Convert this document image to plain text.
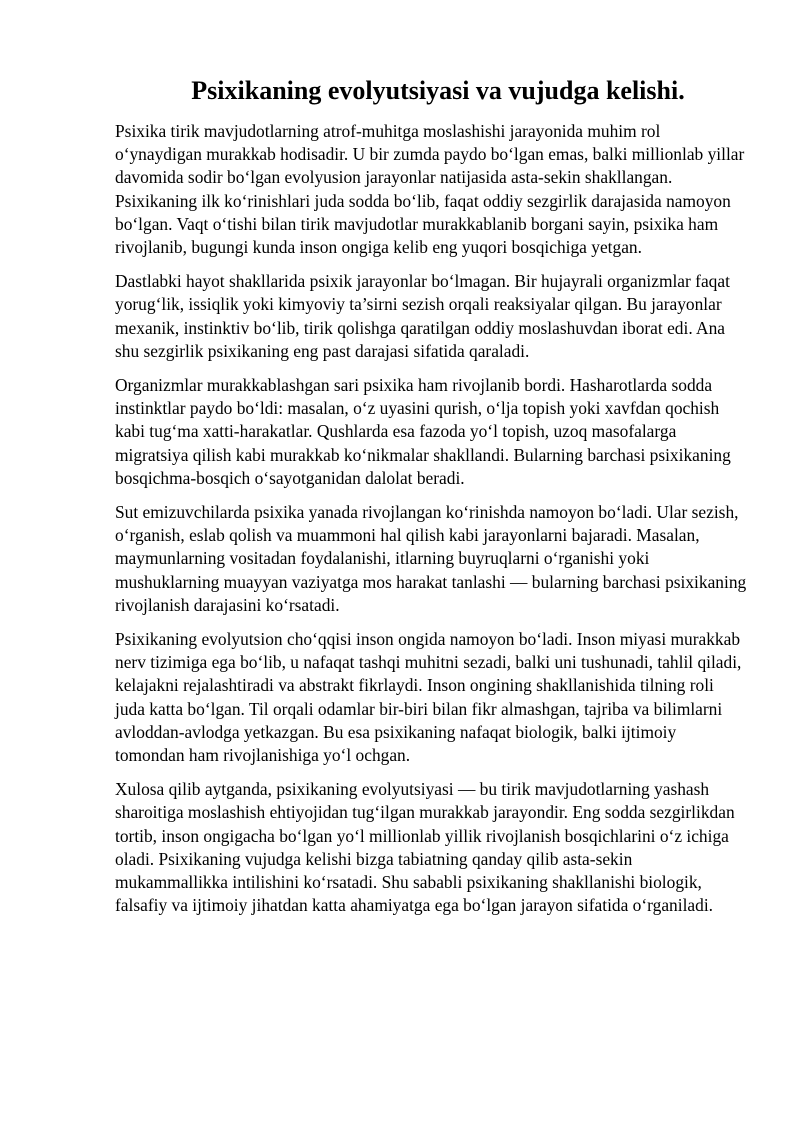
Psixikaning evolyutsiyasi va vujudga kelishi.

Psixika tirik mavjudotlarning atrof-muhitga moslashishi jarayonida muhim rol o‘ynaydigan murakkab hodisadir. U bir zumda paydo bo‘lgan emas, balki millionlab yillar davomida sodir bo‘lgan evolyusion jarayonlar natijasida asta-sekin shakllangan. Psixikaning ilk ko‘rinishlari juda sodda bo‘lib, faqat oddiy sezgirlik darajasida namoyon bo‘lgan. Vaqt o‘tishi bilan tirik mavjudotlar murakkablanib borgani sayin, psixika ham rivojlanib, bugungi kunda inson ongiga kelib eng yuqori bosqichiga yetgan.

Dastlabki hayot shakllarida psixik jarayonlar bo‘lmagan. Bir hujayrali organizmlar faqat yorug‘lik, issiqlik yoki kimyoviy ta’sirni sezish orqali reaksiyalar qilgan. Bu jarayonlar mexanik, instinktiv bo‘lib, tirik qolishga qaratilgan oddiy moslashuvdan iborat edi. Ana shu sezgirlik psixikaning eng past darajasi sifatida qaraladi.

Organizmlar murakkablashgan sari psixika ham rivojlanib bordi. Hasharotlarda sodda instinktlar paydo bo‘ldi: masalan, o‘z uyasini qurish, o‘lja topish yoki xavfdan qochish kabi tug‘ma xatti-harakatlar. Qushlarda esa fazoda yo‘l topish, uzoq masofalarga migratsiya qilish kabi murakkab ko‘nikmalar shakllandi. Bularning barchasi psixikaning bosqichma-bosqich o‘sayotganidan dalolat beradi.

Sut emizuvchilarda psixika yanada rivojlangan ko‘rinishda namoyon bo‘ladi. Ular sezish, o‘rganish, eslab qolish va muammoni hal qilish kabi jarayonlarni bajaradi. Masalan, maymunlarning vositadan foydalanishi, itlarning buyruqlarni o‘rganishi yoki mushuklarning muayyan vaziyatga mos harakat tanlashi — bularning barchasi psixikaning rivojlanish darajasini ko‘rsatadi.

Psixikaning evolyutsion cho‘qqisi inson ongida namoyon bo‘ladi. Inson miyasi murakkab nerv tizimiga ega bo‘lib, u nafaqat tashqi muhitni sezadi, balki uni tushunadi, tahlil qiladi, kelajakni rejalashtiradi va abstrakt fikrlaydi. Inson ongining shakllanishida tilning roli juda katta bo‘lgan. Til orqali odamlar bir-biri bilan fikr almashgan, tajriba va bilimlarni avloddan-avlodga yetkazgan. Bu esa psixikaning nafaqat biologik, balki ijtimoiy tomondan ham rivojlanishiga yo‘l ochgan.

Xulosa qilib aytganda, psixikaning evolyutsiyasi — bu tirik mavjudotlarning yashash sharoitiga moslashish ehtiyojidan tug‘ilgan murakkab jarayondir. Eng sodda sezgirlikdan tortib, inson ongigacha bo‘lgan yo‘l millionlab yillik rivojlanish bosqichlarini o‘z ichiga oladi. Psixikaning vujudga kelishi bizga tabiatning qanday qilib asta-sekin mukammallikka intilishini ko‘rsatadi. Shu sababli psixikaning shakllanishi biologik, falsafiy va ijtimoiy jihatdan katta ahamiyatga ega bo‘lgan jarayon sifatida o‘rganiladi.
